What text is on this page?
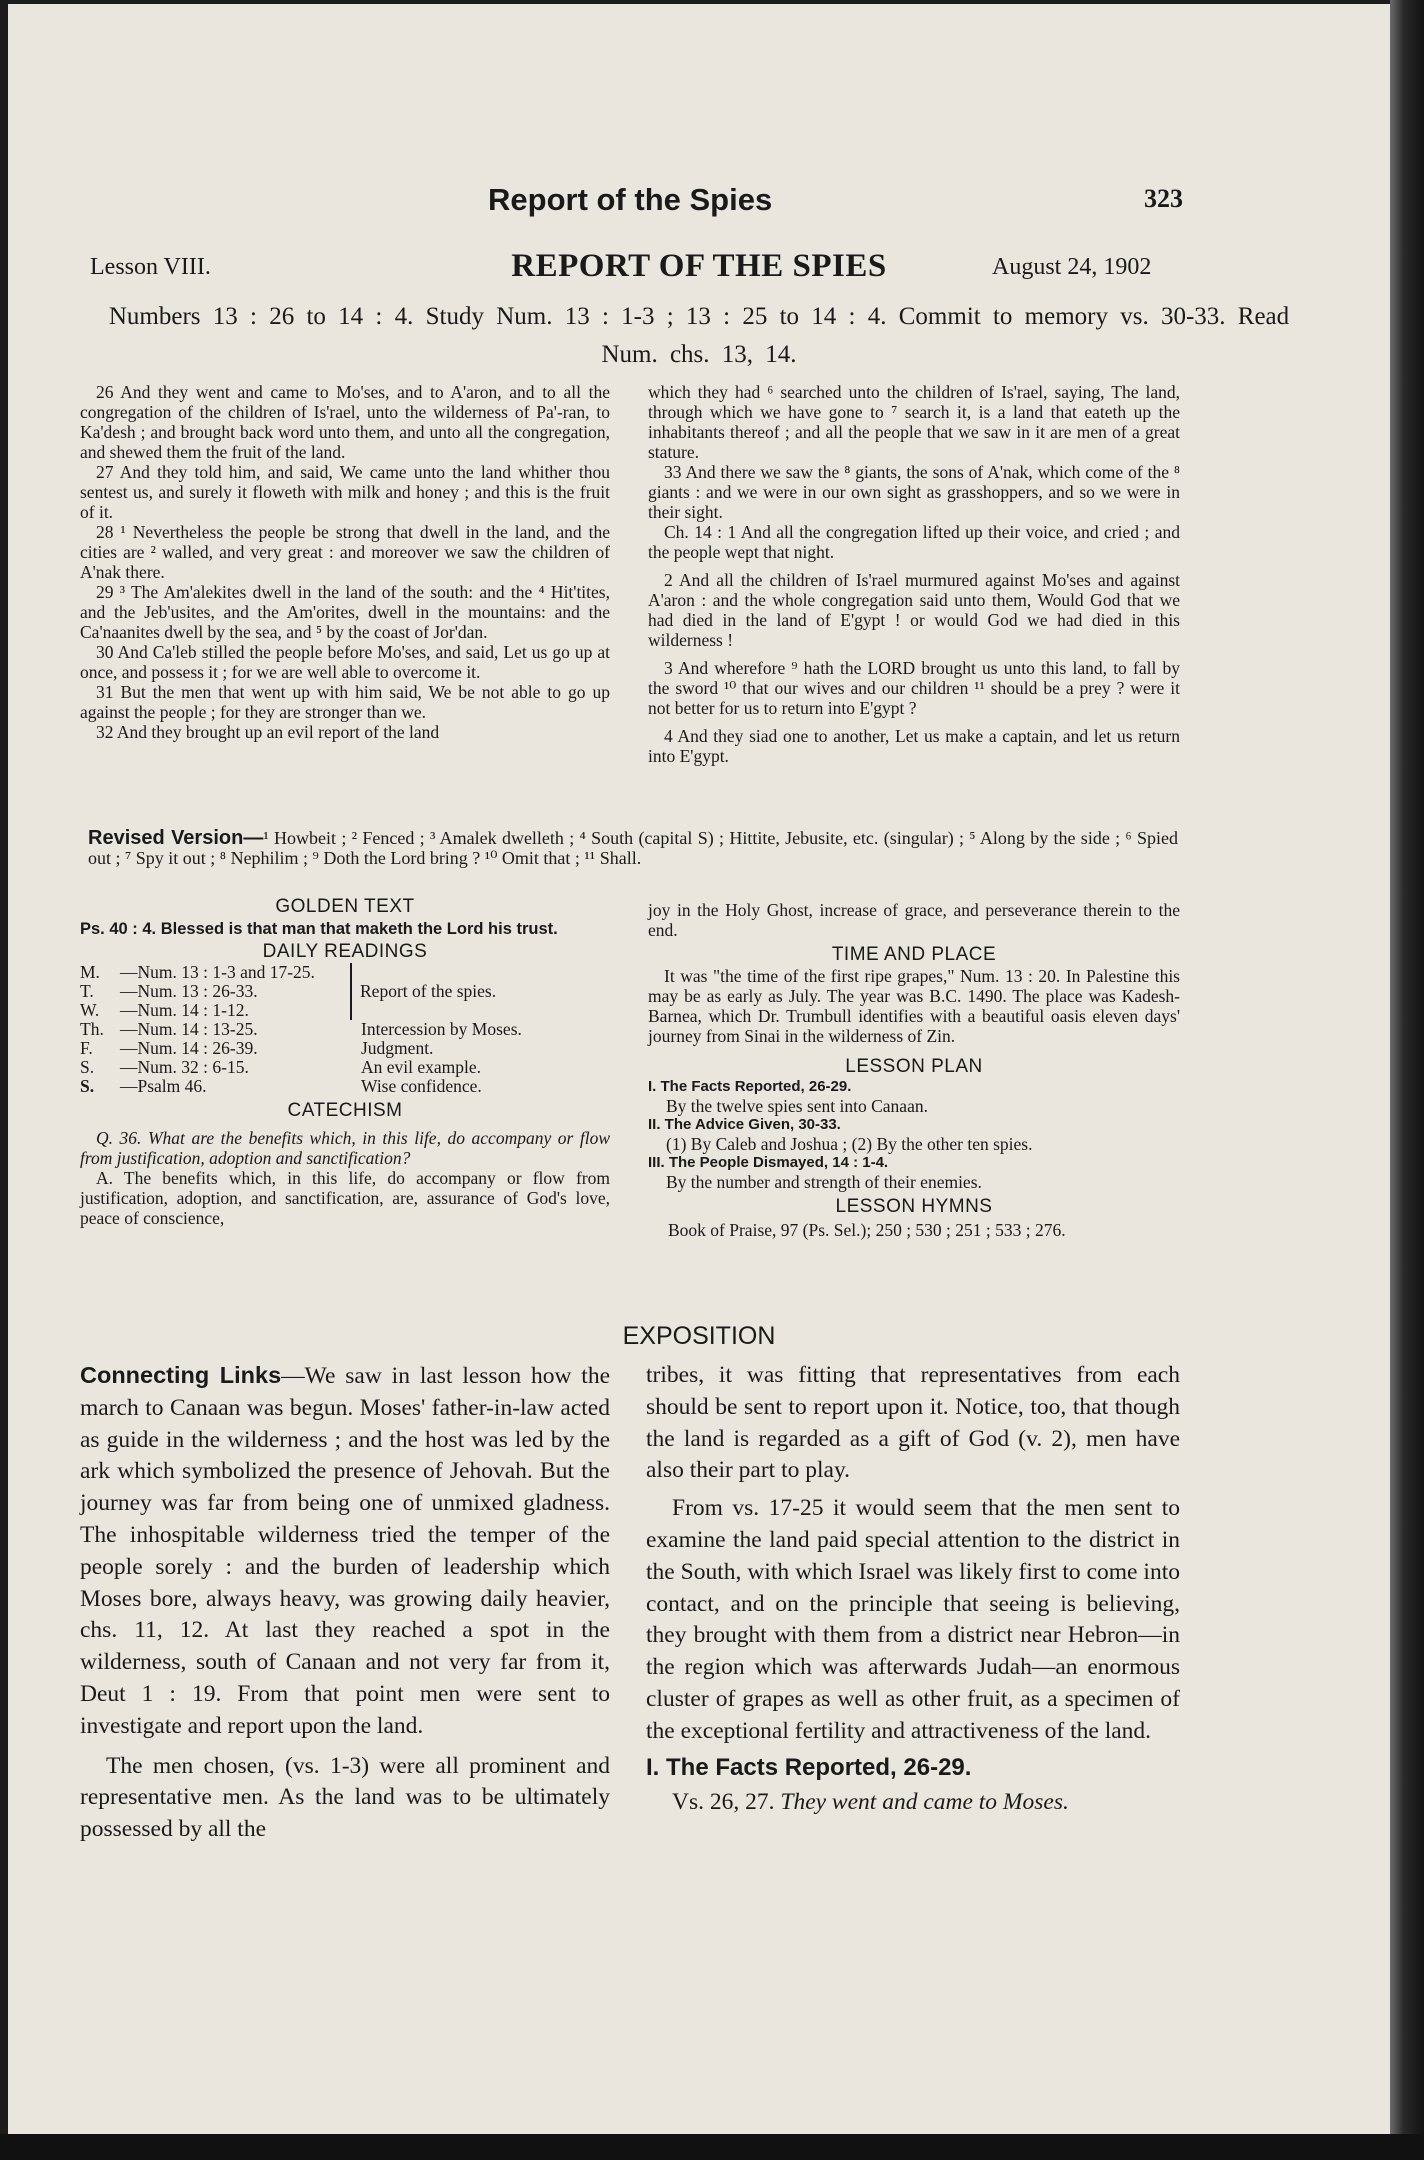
Report of the Spies	323
Lesson VIII.	REPORT OF THE SPIES	August 24, 1902
Numbers 13 : 26 to 14 : 4. Study Num. 13 : 1-3 ; 13 : 25 to 14 : 4. Commit to memory vs. 30-33. Read Num. chs. 13, 14.

26 And they went and came to Mo'ses, and to A'aron, and to all the congregation of the children of Is'rael, unto the wilderness of Pa'-ran, to Ka'desh ; and brought back word unto them, and unto all the congregation, and shewed them the fruit of the land.

27 And they told him, and said, We came unto the land whither thou sentest us, and surely it floweth with milk and honey ; and this is the fruit of it.

28 ¹ Nevertheless the people be strong that dwell in the land, and the cities are ² walled, and very great : and moreover we saw the children of A'nak there.

29 ³ The Am'alekites dwell in the land of the south: and the ⁴ Hit'tites, and the Jeb'usites, and the Am'orites, dwell in the mountains: and the Ca'naanites dwell by the sea, and ⁵ by the coast of Jor'dan.

30 And Ca'leb stilled the people before Mo'ses, and said, Let us go up at once, and possess it ; for we are well able to overcome it.

31 But the men that went up with him said, We be not able to go up against the people ; for they are stronger than we.

32 And they brought up an evil report of the land

which they had ⁶ searched unto the children of Is'rael, saying, The land, through which we have gone to ⁷ search it, is a land that eateth up the inhabitants thereof ; and all the people that we saw in it are men of a great stature.

33 And there we saw the ⁸ giants, the sons of A'nak, which come of the ⁸ giants : and we were in our own sight as grasshoppers, and so we were in their sight.

Ch. 14 : 1 And all the congregation lifted up their voice, and cried ; and the people wept that night.

2 And all the children of Is'rael murmured against Mo'ses and against A'aron : and the whole congregation said unto them, Would God that we had died in the land of E'gypt ! or would God we had died in this wilderness !

3 And wherefore ⁹ hath the LORD brought us unto this land, to fall by the sword ¹⁰ that our wives and our children ¹¹ should be a prey ? were it not better for us to return into E'gypt ?

4 And they siad one to another, Let us make a captain, and let us return into E'gypt.

Revised Version—¹ Howbeit ; ² Fenced ; ³ Amalek dwelleth ; ⁴ South (capital S) ; Hittite, Jebusite, etc. (singular) ; ⁵ Along by the side ; ⁶ Spied out ; ⁷ Spy it out ; ⁸ Nephilim ; ⁹ Doth the Lord bring ? ¹⁰ Omit that ; ¹¹ Shall.

GOLDEN TEXT

Ps. 40 : 4. Blessed is that man that maketh the Lord his trust.

DAILY READINGS

M.	—Num. 13 : 1-3 and 17-25.	Report of the spies.
T.	—Num. 13 : 26-33.	
W.	—Num. 14 : 1-12.	
Th.	—Num. 14 : 13-25.	Intercession by Moses.
F.	—Num. 14 : 26-39.	Judgment.
S.	—Num. 32 : 6-15.	An evil example.
S.	—Psalm 46.	Wise confidence.

CATECHISM

Q. 36. What are the benefits which, in this life, do accompany or flow from justification, adoption and sanctification?

A. The benefits which, in this life, do accompany or flow from justification, adoption, and sanctification, are, assurance of God's love, peace of conscience,

joy in the Holy Ghost, increase of grace, and perseverance therein to the end.

TIME AND PLACE

It was "the time of the first ripe grapes," Num. 13 : 20. In Palestine this may be as early as July. The year was B.C. 1490. The place was Kadesh-Barnea, which Dr. Trumbull identifies with a beautiful oasis eleven days' journey from Sinai in the wilderness of Zin.

LESSON PLAN

I. The Facts Reported, 26-29.
By the twelve spies sent into Canaan.
II. The Advice Given, 30-33.
(1) By Caleb and Joshua ; (2) By the other ten spies.
III. The People Dismayed, 14 : 1-4.
By the number and strength of their enemies.

LESSON HYMNS

Book of Praise, 97 (Ps. Sel.); 250 ; 530 ; 251 ; 533 ; 276.

EXPOSITION

Connecting Links—We saw in last lesson how the march to Canaan was begun. Moses' father-in-law acted as guide in the wilderness ; and the host was led by the ark which symbolized the presence of Jehovah. But the journey was far from being one of unmixed gladness. The inhospitable wilderness tried the temper of the people sorely : and the burden of leadership which Moses bore, always heavy, was growing daily heavier, chs. 11, 12. At last they reached a spot in the wilderness, south of Canaan and not very far from it, Deut 1 : 19. From that point men were sent to investigate and report upon the land.

The men chosen, (vs. 1-3) were all prominent and representative men. As the land was to be ultimately possessed by all the

tribes, it was fitting that representatives from each should be sent to report upon it. Notice, too, that though the land is regarded as a gift of God (v. 2), men have also their part to play.

From vs. 17-25 it would seem that the men sent to examine the land paid special attention to the district in the South, with which Israel was likely first to come into contact, and on the principle that seeing is believing, they brought with them from a district near Hebron—in the region which was afterwards Judah—an enormous cluster of grapes as well as other fruit, as a specimen of the exceptional fertility and attractiveness of the land.

I. The Facts Reported, 26-29.

Vs. 26, 27. They went and came to Moses.
